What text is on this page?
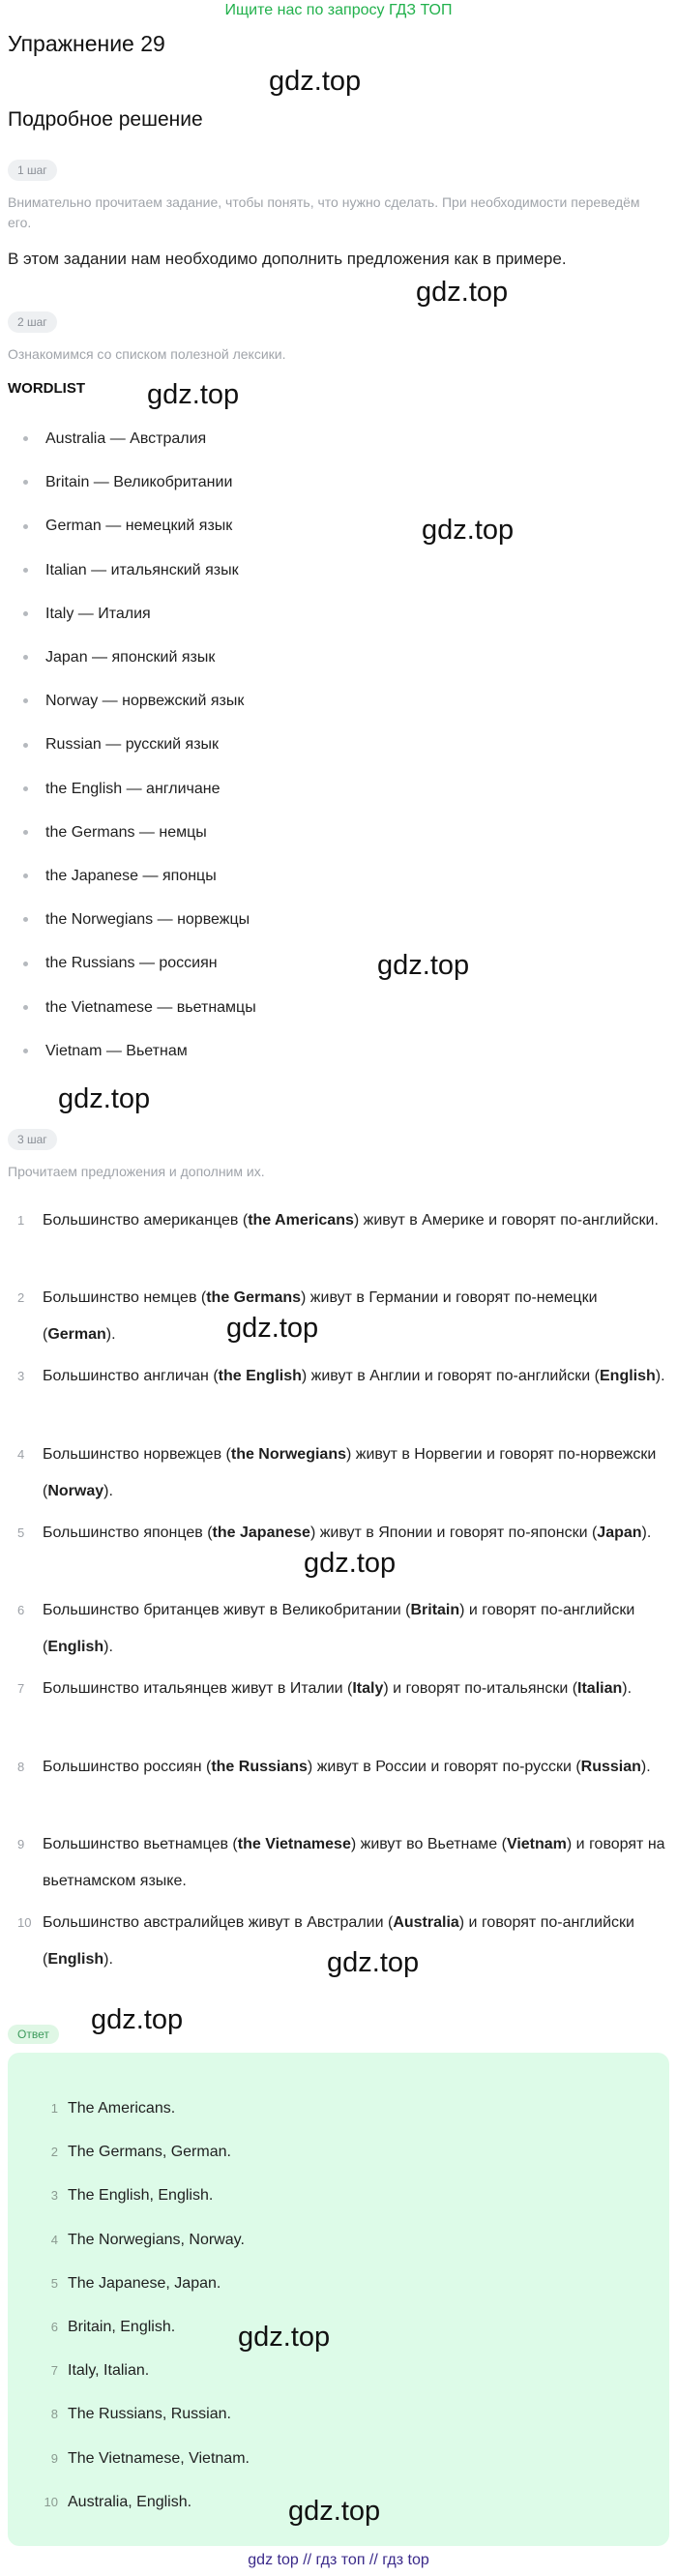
Ищите нас по запросу ГДЗ ТОП
Упражнение 29
gdz.top
Подробное решение
1 шаг
Внимательно прочитаем задание, чтобы понять, что нужно сделать. При необходимости переведём его.
В этом задании нам необходимо дополнить предложения как в примере.
gdz.top
2 шаг
Ознакомимся со списком полезной лексики.
WORDLIST gdz.top
Australia — Австралия
Britain — Великобритании
German — немецкий язык
Italian — итальянский язык
Italy — Италия
Japan — японский язык
Norway — норвежский язык
Russian — русский язык
the English — англичане
the Germans — немцы
the Japanese — японцы
the Norwegians — норвежцы
the Russians — россиян
the Vietnamese — вьетнамцы
Vietnam — Вьетнам
gdz.top
gdz.top
gdz.top
3 шаг
Прочитаем предложения и дополним их.
1	Большинство американцев (the Americans) живут в Америке и говорят по-английски.
2	Большинство немцев (the Germans) живут в Германии и говорят по-немецки (German).
3	Большинство англичан (the English) живут в Англии и говорят по-английски (English).
4	Большинство норвежцев (the Norwegians) живут в Норвегии и говорят по-норвежски (Norway).
5	Большинство японцев (the Japanese) живут в Японии и говорят по-японски (Japan).
6	Большинство британцев живут в Великобритании (Britain) и говорят по-английски (English).
7	Большинство итальянцев живут в Италии (Italy) и говорят по-итальянски (Italian).
8	Большинство россиян (the Russians) живут в России и говорят по-русски (Russian).
9	Большинство вьетнамцев (the Vietnamese) живут во Вьетнаме (Vietnam) и говорят на вьетнамском языке.
10 Большинство австралийцев живут в Австралии (Australia) и говорят по-английски (English).
gdz.top
gdz.top
gdz.top
gdz.top
Ответ
1 The Americans.
2 The Germans, German.
3 The English, English.
4 The Norwegians, Norway.
5 The Japanese, Japan.
6 Britain, English.
7 Italy, Italian.
8 The Russians, Russian.
9 The Vietnamese, Vietnam.
10 Australia, English.
gdz.top
gdz.top
gdz top // гдз топ // гдз top
